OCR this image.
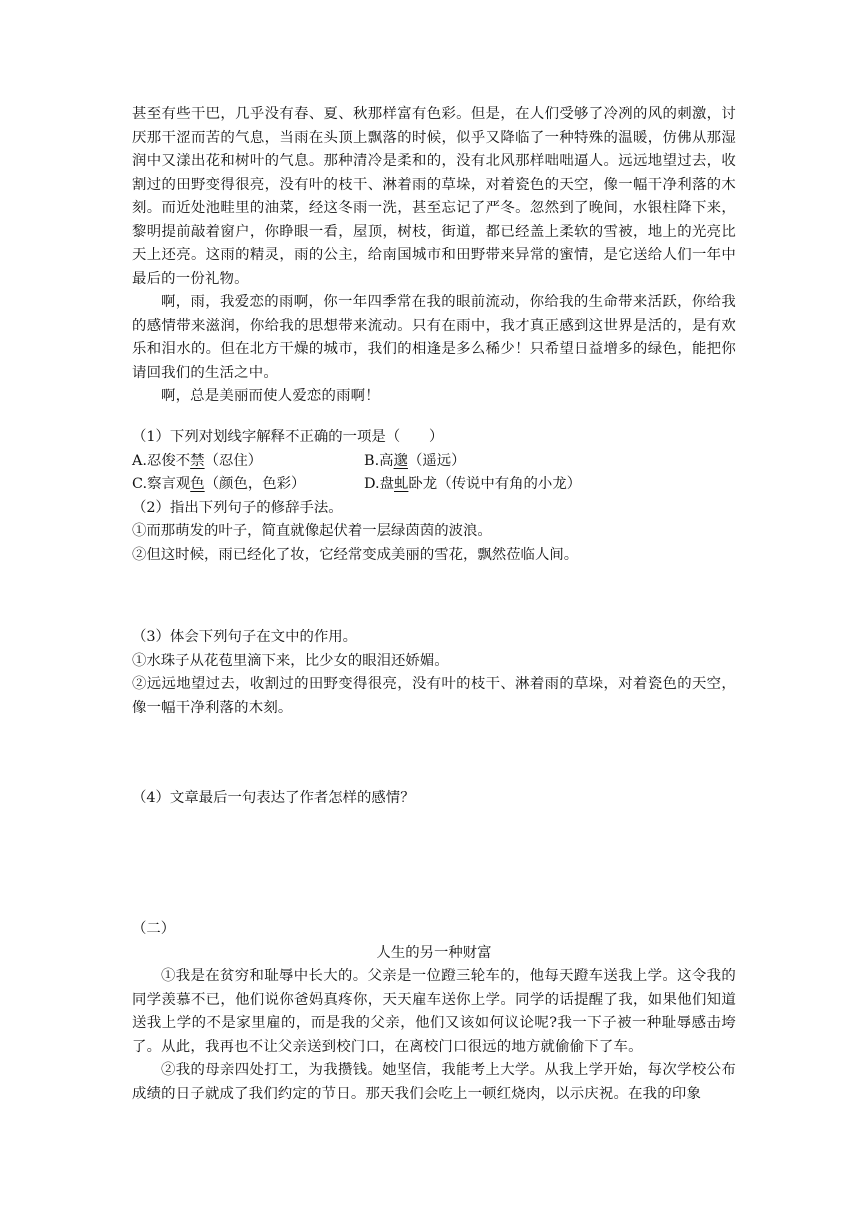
甚至有些干巴，几乎没有春、夏、秋那样富有色彩。但是，在人们受够了冷冽的风的刺激，讨厌那干涩而苦的气息，当雨在头顶上飘落的时候，似乎又降临了一种特殊的温暖，仿佛从那湿润中又漾出花和树叶的气息。那种清冷是柔和的，没有北风那样咄咄逼人。远远地望过去，收割过的田野变得很亮，没有叶的枝干、淋着雨的草垛，对着瓷色的天空，像一幅干净利落的木刻。而近处池畦里的油菜，经这冬雨一洗，甚至忘记了严冬。忽然到了晚间，水银柱降下来，黎明提前敲着窗户，你睁眼一看，屋顶，树枝，街道，都已经盖上柔软的雪被，地上的光亮比天上还亮。这雨的精灵，雨的公主，给南国城市和田野带来异常的蜜情，是它送给人们一年中最后的一份礼物。

啊，雨，我爱恋的雨啊，你一年四季常在我的眼前流动，你给我的生命带来活跃，你给我的感情带来滋润，你给我的思想带来流动。只有在雨中，我才真正感到这世界是活的，是有欢乐和泪水的。但在北方干燥的城市，我们的相逢是多么稀少！只希望日益增多的绿色，能把你请回我们的生活之中。

啊，总是美丽而使人爱恋的雨啊！

（1）下列对划线字解释不正确的一项是（　　）

A.忍俊不禁（忍住）	B.高邈（遥远）
C.察言观色（颜色，色彩）	D.盘虬卧龙（传说中有角的小龙）

（2）指出下列句子的修辞手法。

①而那萌发的叶子，简直就像起伏着一层绿茵茵的波浪。

②但这时候，雨已经化了妆，它经常变成美丽的雪花，飘然莅临人间。

（3）体会下列句子在文中的作用。

①水珠子从花苞里滴下来，比少女的眼泪还娇媚。

②远远地望过去，收割过的田野变得很亮，没有叶的枝干、淋着雨的草垛，对着瓷色的天空，像一幅干净利落的木刻。

（4）文章最后一句表达了作者怎样的感情？

（二）

人生的另一种财富

①我是在贫穷和耻辱中长大的。父亲是一位蹬三轮车的，他每天蹬车送我上学。这令我的同学羡慕不已，他们说你爸妈真疼你，天天雇车送你上学。同学的话提醒了我，如果他们知道送我上学的不是家里雇的，而是我的父亲，他们又该如何议论呢?我一下子被一种耻辱感击垮了。从此，我再也不让父亲送到校门口，在离校门口很远的地方就偷偷下了车。

②我的母亲四处打工，为我攒钱。她坚信，我能考上大学。从我上学开始，每次学校公布成绩的日子就成了我们约定的节日。那天我们会吃上一顿红烧肉，以示庆祝。在我的印象
